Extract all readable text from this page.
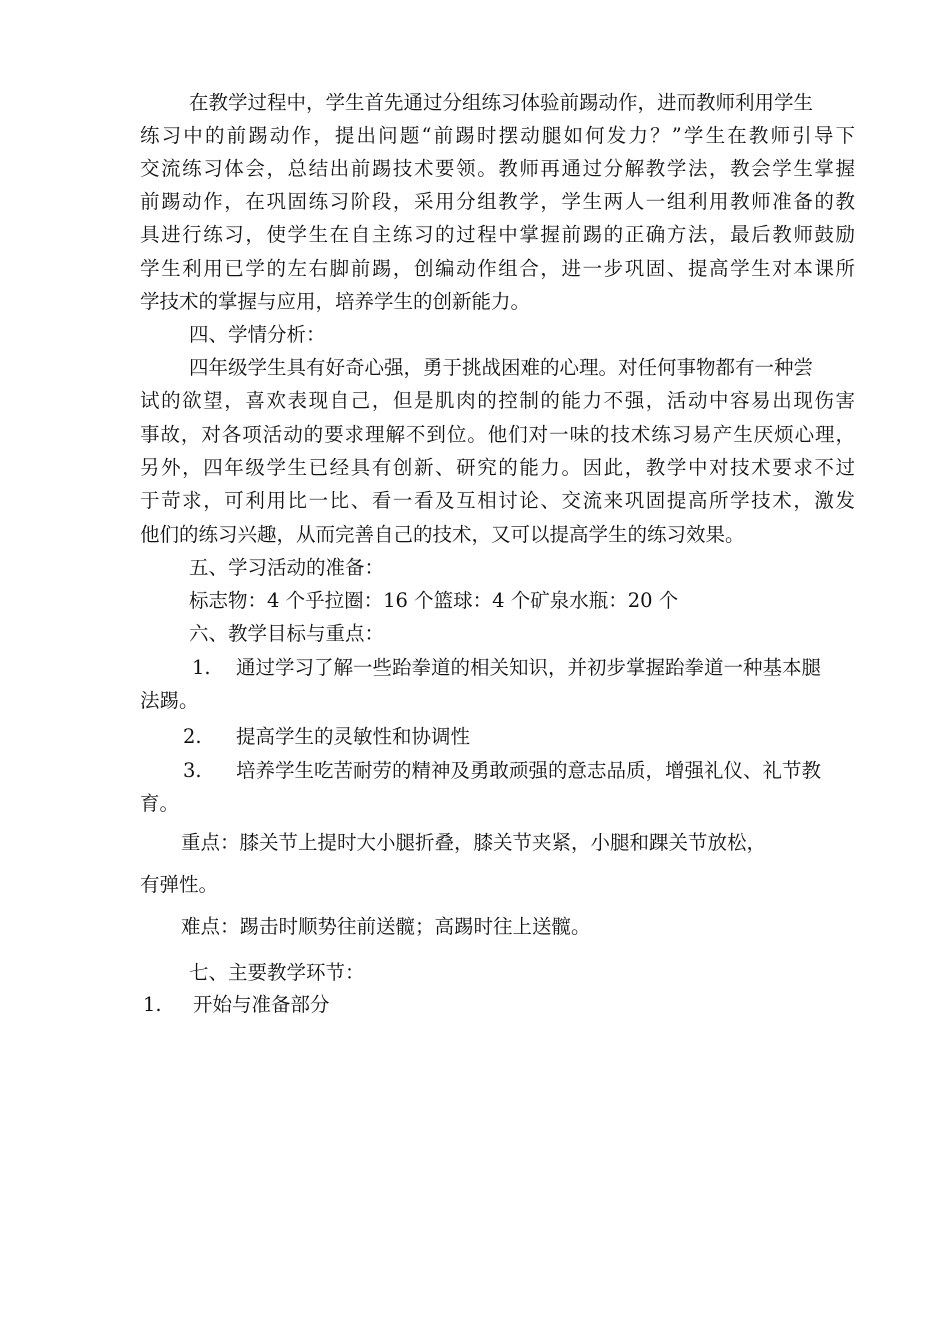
在教学过程中，学生首先通过分组练习体验前踢动作，进而教师利用学生
练习中的前踢动作，提出问题“前踢时摆动腿如何发力？”学生在教师引导下
交流练习体会，总结出前踢技术要领。教师再通过分解教学法，教会学生掌握
前踢动作，在巩固练习阶段，采用分组教学，学生两人一组利用教师准备的教
具进行练习，使学生在自主练习的过程中掌握前踢的正确方法，最后教师鼓励
学生利用已学的左右脚前踢，创编动作组合，进一步巩固、提高学生对本课所
学技术的掌握与应用，培养学生的创新能力。
四、学情分析：
四年级学生具有好奇心强，勇于挑战困难的心理。对任何事物都有一种尝
试的欲望，喜欢表现自己，但是肌肉的控制的能力不强，活动中容易出现伤害
事故，对各项活动的要求理解不到位。他们对一味的技术练习易产生厌烦心理，
另外，四年级学生已经具有创新、研究的能力。因此，教学中对技术要求不过
于苛求，可利用比一比、看一看及互相讨论、交流来巩固提高所学技术，激发
他们的练习兴趣，从而完善自己的技术，又可以提高学生的练习效果。
五、学习活动的准备：
标志物：4 个乎拉圈：16 个篮球：4 个矿泉水瓶：20 个
六、教学目标与重点：
1. 通过学习了解一些跆拳道的相关知识，并初步掌握跆拳道一种基本腿
法踢。
2. 提高学生的灵敏性和协调性
3. 培养学生吃苦耐劳的精神及勇敢顽强的意志品质，增强礼仪、礼节教
育。
重点：膝关节上提时大小腿折叠，膝关节夹紧，小腿和踝关节放松，
有弹性。
难点：踢击时顺势往前送髋；高踢时往上送髋。
七、主要教学环节：
1. 开始与准备部分
